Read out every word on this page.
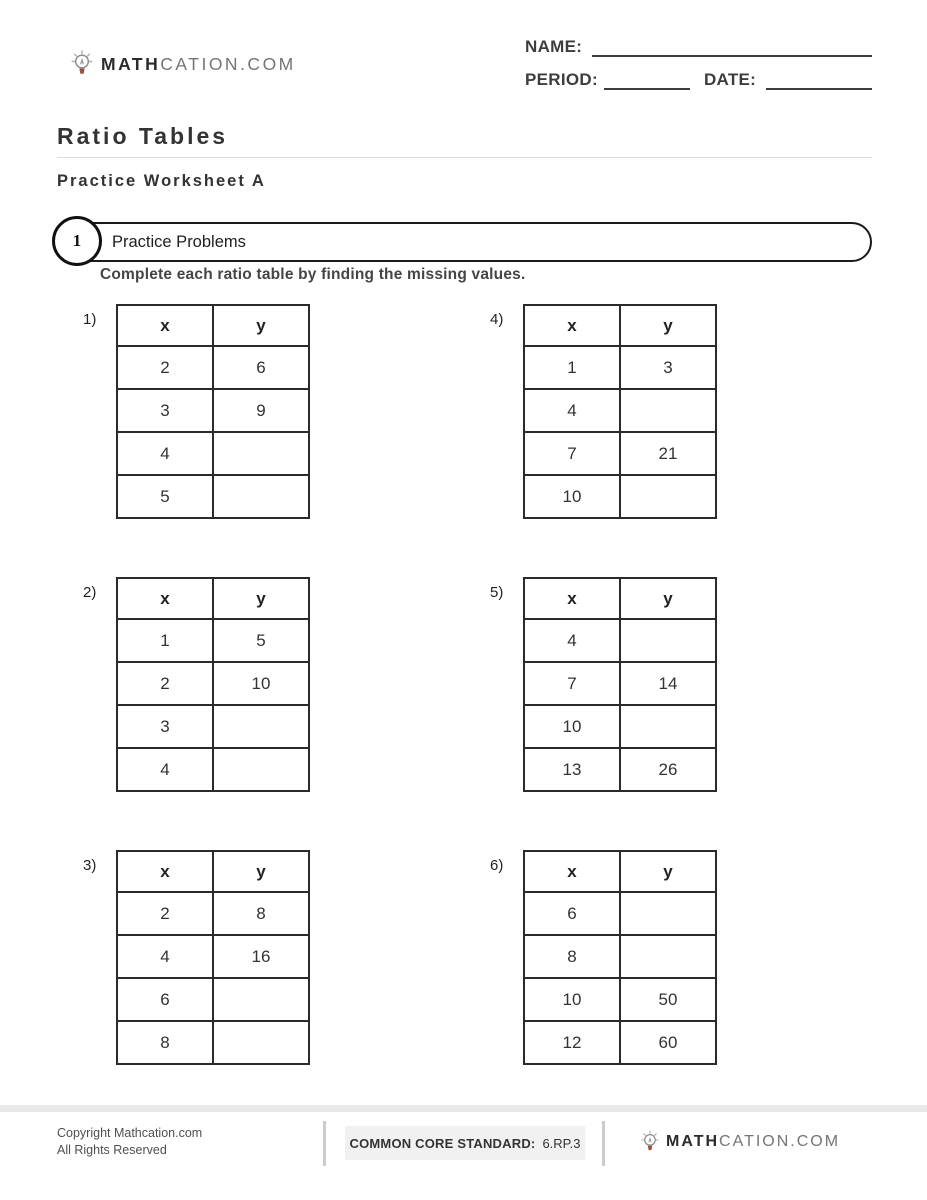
MATHCATION.COM
NAME:
PERIOD:	DATE:
Ratio Tables
Practice Worksheet A
Practice Problems
1
Complete each ratio table by finding the missing values.
1)	x	y
2	6
3	9
4	
5	
4)	x	y
1	3
4	
7	21
10	
2)	x	y
1	5
2	10
3	
4	
5)	x	y
4	
7	14
10	
13	26
3)	x	y
2	8
4	16
6	
8	
6)	x	y
6	
8	
10	50
12	60
Copyright Mathcation.com
All Rights Reserved	COMMON CORE STANDARD: 6.RP.3	MATHCATION.COM
